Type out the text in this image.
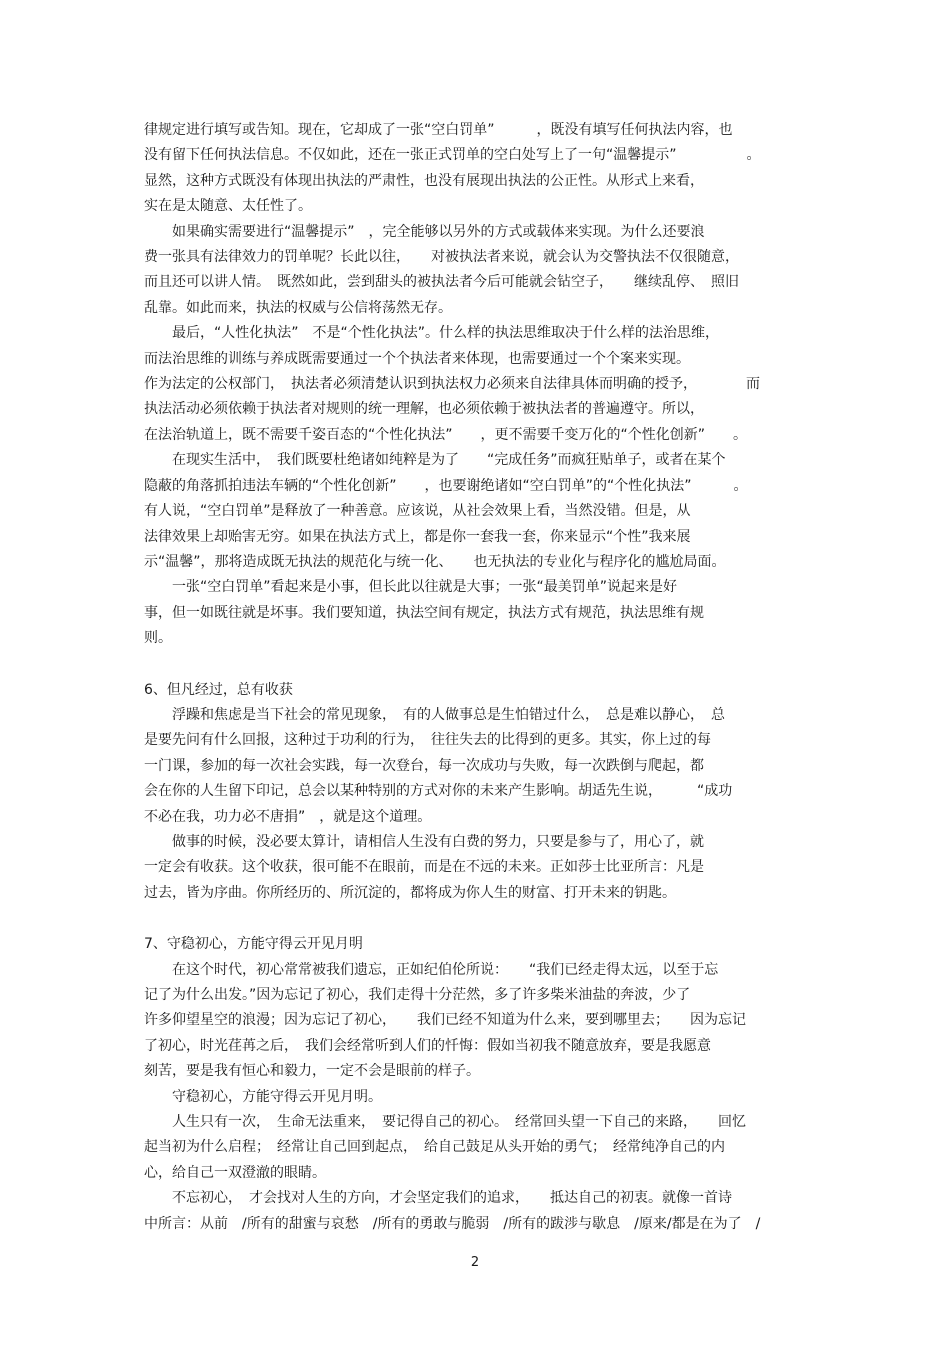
律规定进行填写或告知。现在，它却成了一张“空白罚单”　　　，既没有填写任何执法内容，也
没有留下任何执法信息。不仅如此，还在一张正式罚单的空白处写上了一句“温馨提示”　　　　　。
显然，这种方式既没有体现出执法的严肃性，也没有展现出执法的公正性。从形式上来看，
实在是太随意、太任性了。

如果确实需要进行“温馨提示”　，完全能够以另外的方式或载体来实现。为什么还要浪
费一张具有法律效力的罚单呢？长此以往，　　对被执法者来说，就会认为交警执法不仅很随意，
而且还可以讲人情。　既然如此，尝到甜头的被执法者今后可能就会钻空子，　　继续乱停、　照旧
乱靠。如此而来，执法的权威与公信将荡然无存。

最后，“人性化执法”　不是“个性化执法”。什么样的执法思维取决于什么样的法治思维，
而法治思维的训练与养成既需要通过一个个执法者来体现，也需要通过一个个案来实现。
作为法定的公权部门，　执法者必须清楚认识到执法权力必须来自法律具体而明确的授予，　　　　而
执法活动必须依赖于执法者对规则的统一理解，也必须依赖于被执法者的普遍遵守。所以，
在法治轨道上，既不需要千姿百态的“个性化执法”　　，更不需要千变万化的“个性化创新”　　。

在现实生活中，　我们既要杜绝诸如纯粹是为了　　“完成任务”而疯狂贴单子，或者在某个
隐蔽的角落抓拍违法车辆的“个性化创新”　　，也要谢绝诸如“空白罚单”的“个性化执法”　　　。
有人说，“空白罚单”是释放了一种善意。应该说，从社会效果上看，当然没错。但是，从
法律效果上却贻害无穷。如果在执法方式上，都是你一套我一套，你来显示“个性”我来展
示“温馨”，那将造成既无执法的规范化与统一化、　　也无执法的专业化与程序化的尴尬局面。

一张“空白罚单”看起来是小事，但长此以往就是大事；一张“最美罚单”说起来是好
事，但一如既往就是坏事。我们要知道，执法空间有规定，执法方式有规范，执法思维有规
则。

6、但凡经过，总有收获

浮躁和焦虑是当下社会的常见现象，　有的人做事总是生怕错过什么，　总是难以静心，　总
是要先问有什么回报，这种过于功利的行为，　往往失去的比得到的更多。其实，你上过的每
一门课，参加的每一次社会实践，每一次登台，每一次成功与失败，每一次跌倒与爬起，都
会在你的人生留下印记，总会以某种特别的方式对你的未来产生影响。胡适先生说，　　　“成功
不必在我，功力必不唐捐”　，就是这个道理。

做事的时候，没必要太算计，请相信人生没有白费的努力，只要是参与了，用心了，就
一定会有收获。这个收获，很可能不在眼前，而是在不远的未来。正如莎士比亚所言：凡是
过去，皆为序曲。你所经历的、所沉淀的，都将成为你人生的财富、打开未来的钥匙。

7、守稳初心，方能守得云开见月明

在这个时代，初心常常被我们遗忘，正如纪伯伦所说：　　“我们已经走得太远，以至于忘
记了为什么出发。”因为忘记了初心，我们走得十分茫然，多了许多柴米油盐的奔波，少了
许多仰望星空的浪漫；因为忘记了初心，　　我们已经不知道为什么来，要到哪里去；　　因为忘记
了初心，时光荏苒之后，　我们会经常听到人们的忏悔：假如当初我不随意放弃，要是我愿意
刻苦，要是我有恒心和毅力，一定不会是眼前的样子。

守稳初心，方能守得云开见月明。

人生只有一次，　生命无法重来，　要记得自己的初心。　经常回头望一下自己的来路，　　回忆
起当初为什么启程；　经常让自己回到起点，　给自己鼓足从头开始的勇气；　经常纯净自己的内
心，给自己一双澄澈的眼睛。

不忘初心，　才会找对人生的方向，才会坚定我们的追求，　　抵达自己的初衷。就像一首诗
中所言：从前　/所有的甜蜜与哀愁　/所有的勇敢与脆弱　/所有的跋涉与歇息　/原来/都是在为了　/

2
